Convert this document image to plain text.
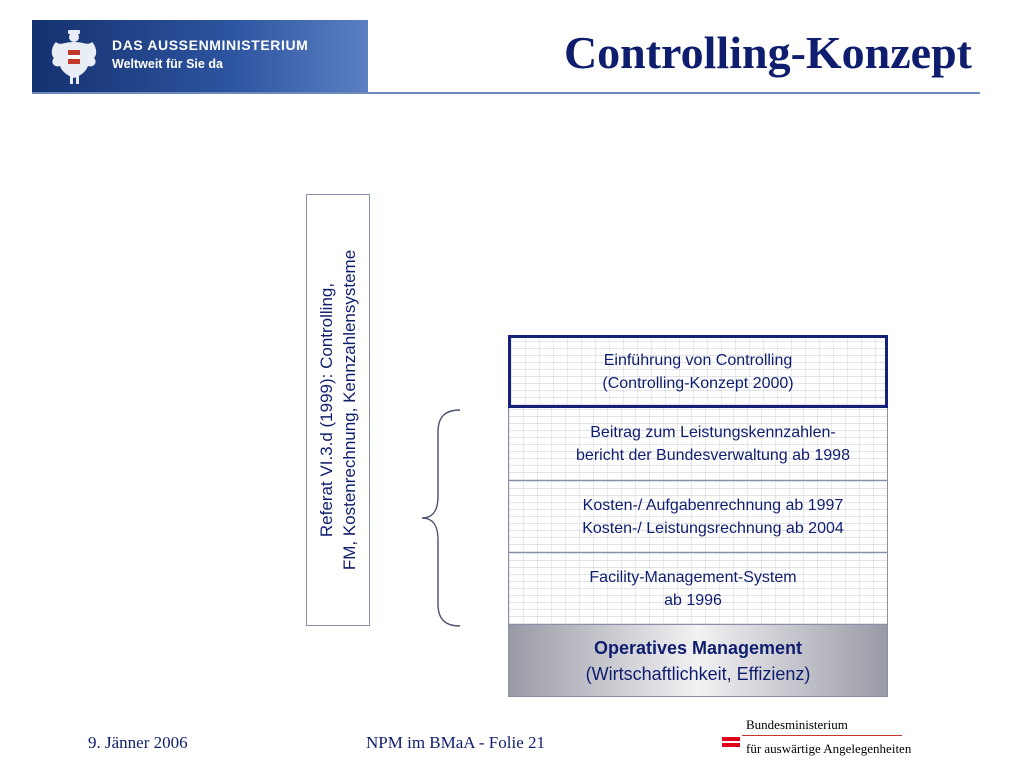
DAS AUSSENMINISTERIUM
Weltweit für Sie da	Controlling-Konzept
Referat VI.3.d (1999): Controlling, FM, Kostenrechnung, Kennzahlensysteme	Einführung von Controlling
(Controlling-Konzept 2000)
Beitrag zum Leistungskennzahlen-
bericht der Bundesverwaltung ab 1998
Kosten-/ Aufgabenrechnung ab 1997
Kosten-/ Leistungsrechnung ab 2004
Facility-Management-System
ab 1996
Operatives Management
(Wirtschaftlichkeit, Effizienz)
9. Jänner 2006	NPM im BMaA - Folie 21
Bundesministerium
für auswärtige Angelegenheiten
